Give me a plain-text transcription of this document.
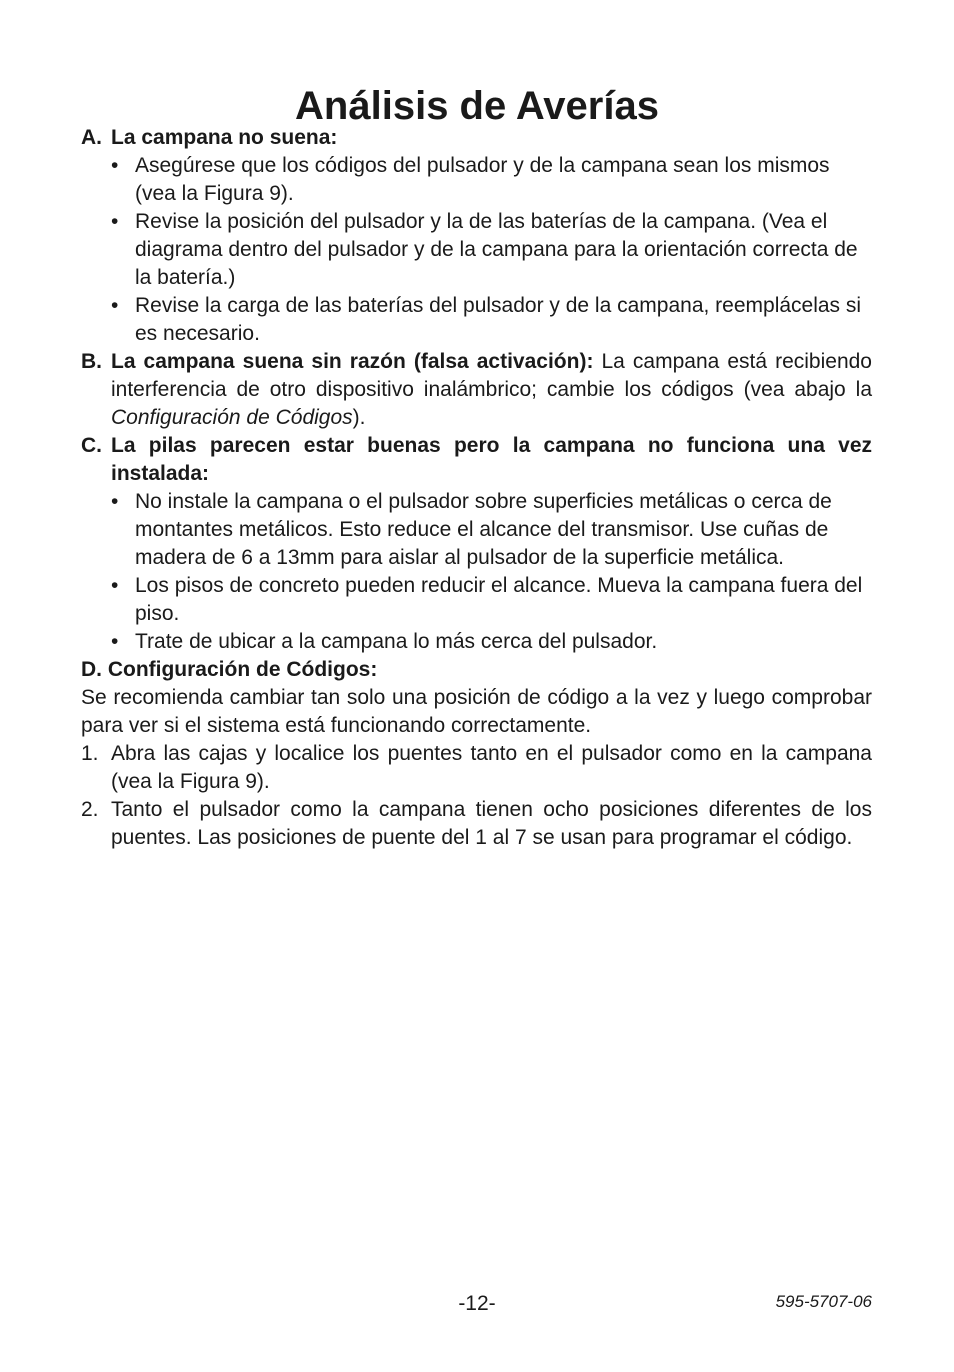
Análisis de Averías
A. La campana no suena:
• Asegúrese que los códigos del pulsador y de la campana sean los mismos (vea la Figura 9).
• Revise la posición del pulsador y la de las baterías de la campana. (Vea el diagrama dentro del pulsador y de la campana para la orientación correcta de la batería.)
• Revise la carga de las baterías del pulsador y de la campana, reemplácelas si es necesario.
B. La campana suena sin razón (falsa activación): La campana está recibiendo interferencia de otro dispositivo inalámbrico; cambie los códigos (vea abajo la Configuración de Códigos).
C. La pilas parecen estar buenas pero la campana no funciona una vez instalada:
• No instale la campana o el pulsador sobre superficies metálicas o cerca de montantes metálicos. Esto reduce el alcance del transmisor. Use cuñas de madera de 6 a 13mm para aislar al pulsador de la superficie metálica.
• Los pisos de concreto pueden reducir el alcance. Mueva la campana fuera del piso.
• Trate de ubicar a la campana lo más cerca del pulsador.
D. Configuración de Códigos:
Se recomienda cambiar tan solo una posición de código a la vez y luego comprobar para ver si el sistema está funcionando correctamente.
1. Abra las cajas y localice los puentes tanto en el pulsador como en la campana (vea la Figura 9).
2. Tanto el pulsador como la campana tienen ocho posiciones diferentes de los puentes. Las posiciones de puente del 1 al 7 se usan para programar el código.
-12-	595-5707-06
